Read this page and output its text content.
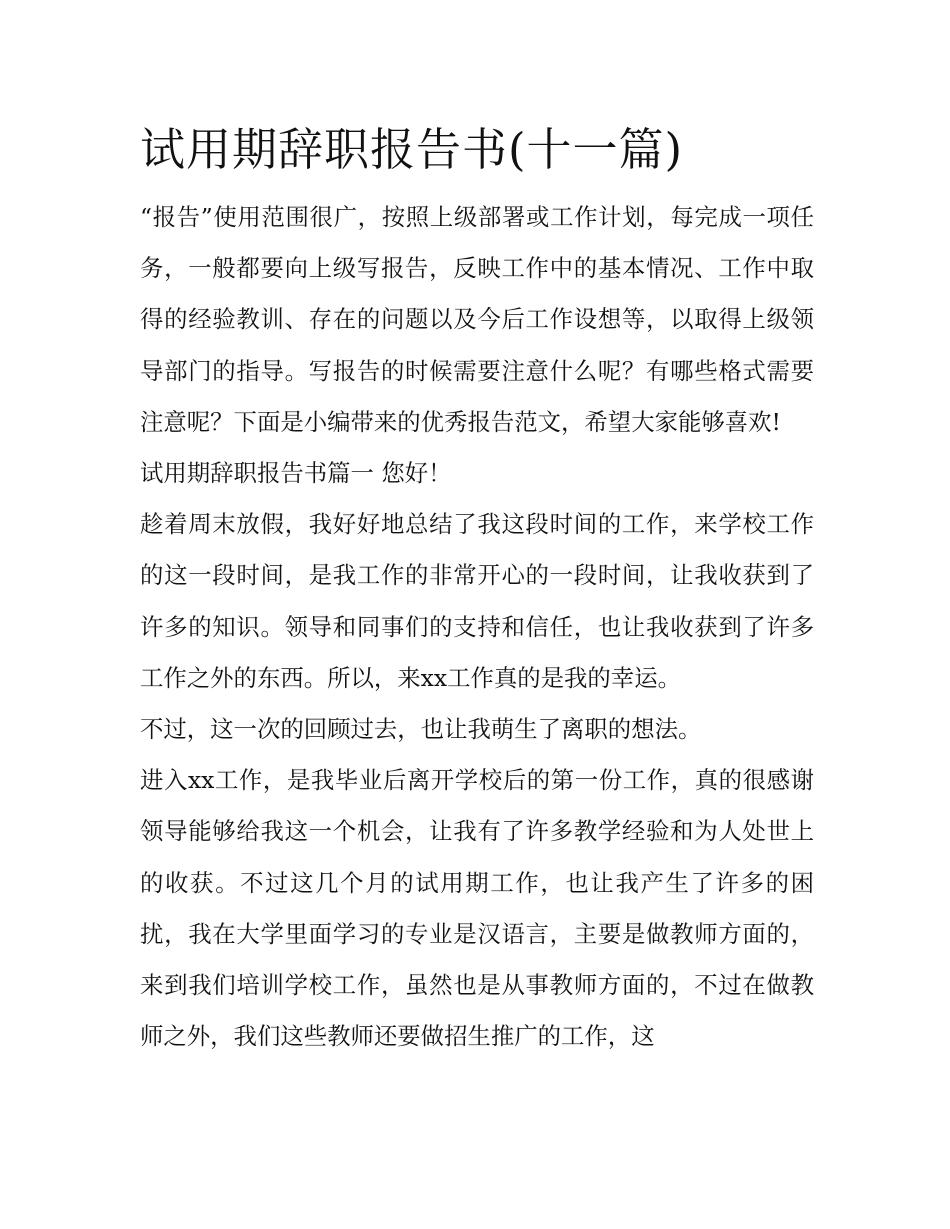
试用期辞职报告书(十一篇)

“报告”使用范围很广，按照上级部署或工作计划，每完成一项任务，一般都要向上级写报告，反映工作中的基本情况、工作中取得的经验教训、存在的问题以及今后工作设想等，以取得上级领导部门的指导。写报告的时候需要注意什么呢？有哪些格式需要注意呢？下面是小编带来的优秀报告范文，希望大家能够喜欢!

试用期辞职报告书篇一 您好！

趁着周末放假，我好好地总结了我这段时间的工作，来学校工作的这一段时间，是我工作的非常开心的一段时间，让我收获到了许多的知识。领导和同事们的支持和信任，也让我收获到了许多工作之外的东西。所以，来xx工作真的是我的幸运。

不过，这一次的回顾过去，也让我萌生了离职的想法。

进入xx工作，是我毕业后离开学校后的第一份工作，真的很感谢领导能够给我这一个机会，让我有了许多教学经验和为人处世上的收获。不过这几个月的试用期工作，也让我产生了许多的困扰，我在大学里面学习的专业是汉语言，主要是做教师方面的，来到我们培训学校工作，虽然也是从事教师方面的，不过在做教师之外，我们这些教师还要做招生推广的工作，这
